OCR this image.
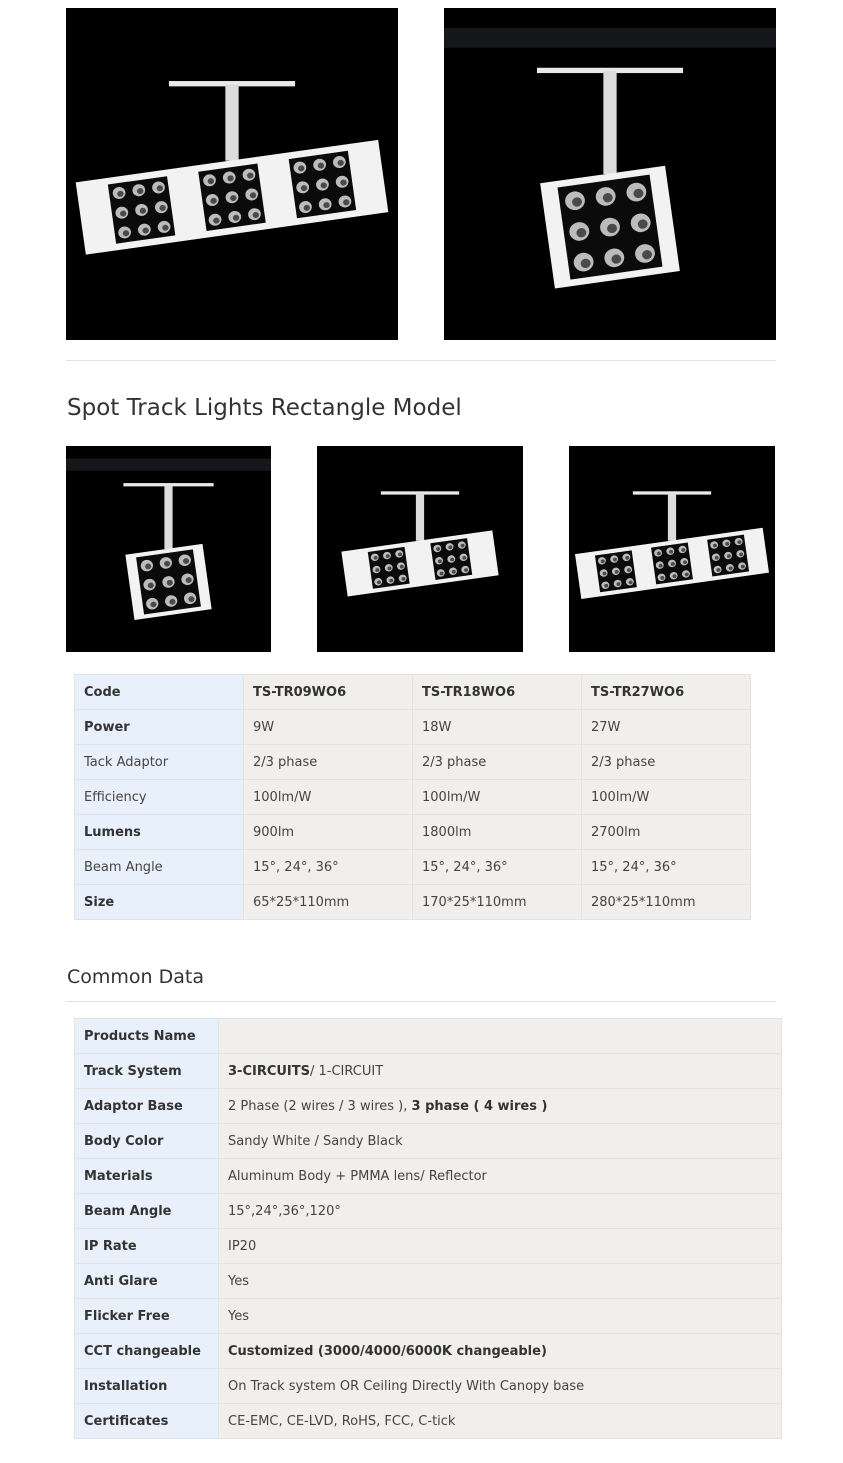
Spot Track Lights Rectangle Model
Code	TS-TR09WO6	TS-TR18WO6	TS-TR27WO6
Power	9W	18W	27W
Tack Adaptor	2/3 phase	2/3 phase	2/3 phase
Efficiency	100lm/W	100lm/W	100lm/W
Lumens	900lm	1800lm	2700lm
Beam Angle	15°, 24°, 36°	15°, 24°, 36°	15°, 24°, 36°
Size	65*25*110mm	170*25*110mm	280*25*110mm
Common Data
Products Name	
Track System	3-CIRCUITS/ 1-CIRCUIT
Adaptor Base	2 Phase (2 wires / 3 wires ), 3 phase ( 4 wires )
Body Color	Sandy White / Sandy Black
Materials	Aluminum Body + PMMA lens/ Reflector
Beam Angle	15°,24°,36°,120°
IP Rate	IP20
Anti Glare	Yes
Flicker Free	Yes
CCT changeable	Customized (3000/4000/6000K changeable)
Installation	On Track system OR Ceiling Directly With Canopy base
Certificates	CE-EMC, CE-LVD, RoHS, FCC, C-tick
